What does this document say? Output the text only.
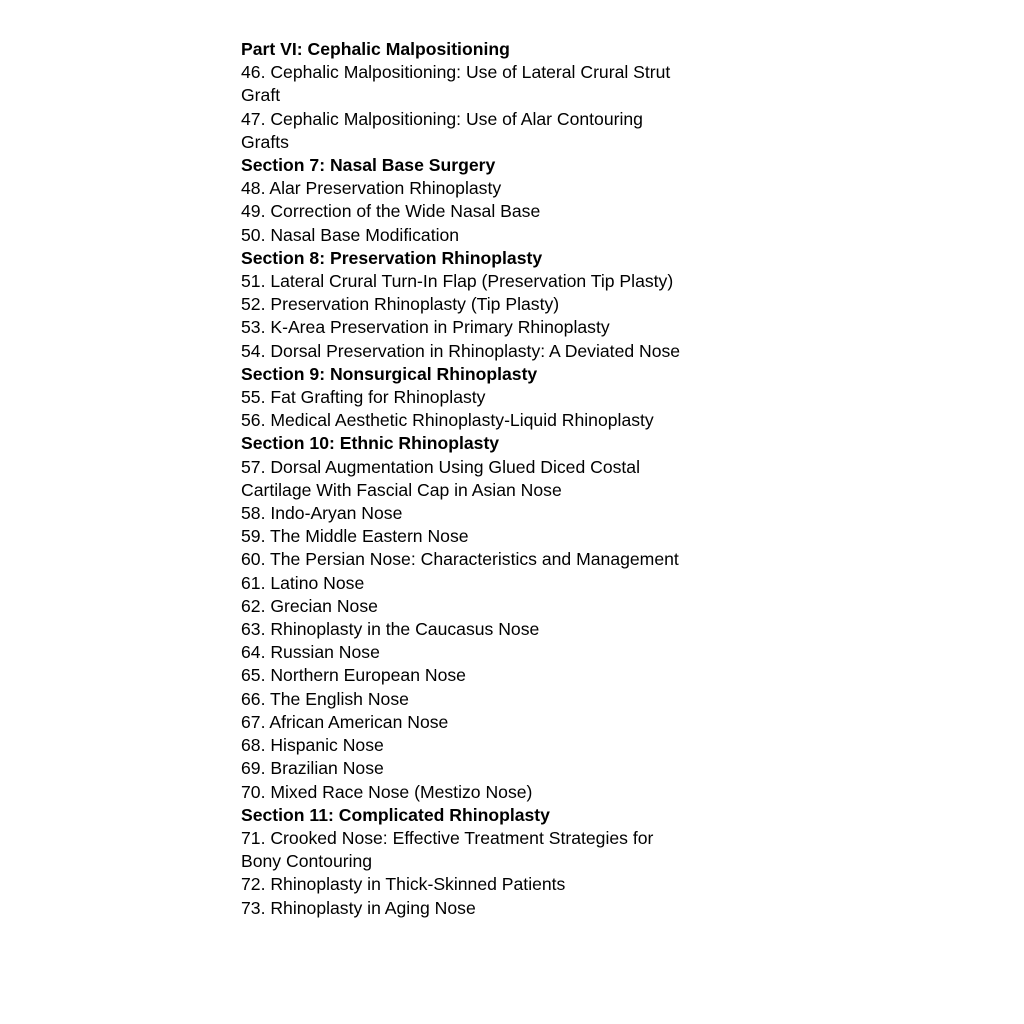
Part VI: Cephalic Malpositioning
46. Cephalic Malpositioning: Use of Lateral Crural Strut Graft
47. Cephalic Malpositioning: Use of Alar Contouring Grafts
Section 7: Nasal Base Surgery
48. Alar Preservation Rhinoplasty
49. Correction of the Wide Nasal Base
50. Nasal Base Modification
Section 8: Preservation Rhinoplasty
51. Lateral Crural Turn-In Flap (Preservation Tip Plasty)
52. Preservation Rhinoplasty (Tip Plasty)
53. K-Area Preservation in Primary Rhinoplasty
54. Dorsal Preservation in Rhinoplasty: A Deviated Nose
Section 9: Nonsurgical Rhinoplasty
55. Fat Grafting for Rhinoplasty
56. Medical Aesthetic Rhinoplasty-Liquid Rhinoplasty
Section 10: Ethnic Rhinoplasty
57. Dorsal Augmentation Using Glued Diced Costal Cartilage With Fascial Cap in Asian Nose
58. Indo-Aryan Nose
59. The Middle Eastern Nose
60. The Persian Nose: Characteristics and Management
61. Latino Nose
62. Grecian Nose
63. Rhinoplasty in the Caucasus Nose
64. Russian Nose
65. Northern European Nose
66. The English Nose
67. African American Nose
68. Hispanic Nose
69. Brazilian Nose
70. Mixed Race Nose (Mestizo Nose)
Section 11: Complicated Rhinoplasty
71. Crooked Nose: Effective Treatment Strategies for Bony Contouring
72. Rhinoplasty in Thick-Skinned Patients
73. Rhinoplasty in Aging Nose
